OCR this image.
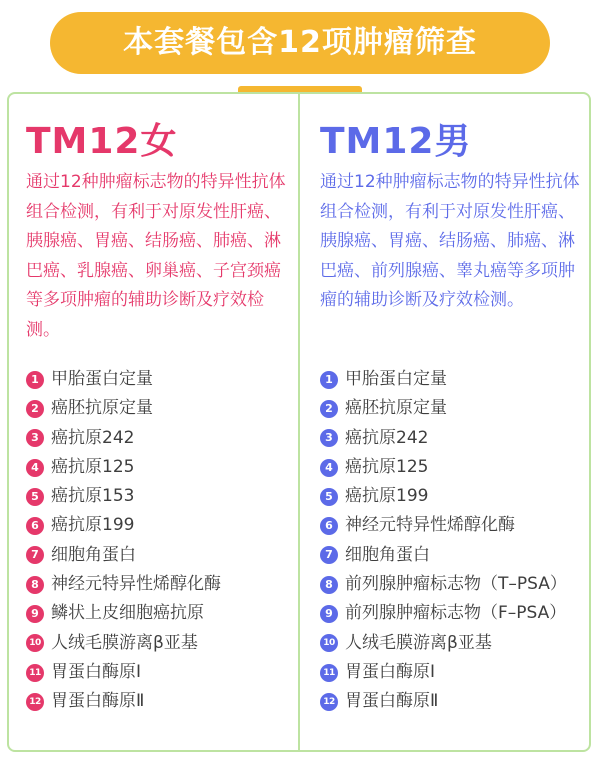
本套餐包含12项肿瘤筛查
TM12女

通过12种肿瘤标志物的特异性抗体组合检测，有利于对原发性肝癌、胰腺癌、胃癌、结肠癌、肺癌、淋巴癌、乳腺癌、卵巢癌、子宫颈癌等多项肿瘤的辅助诊断及疗效检测。

1 甲胎蛋白定量
2 癌胚抗原定量
3 癌抗原242
4 癌抗原125
5 癌抗原153
6 癌抗原199
7 细胞角蛋白
8 神经元特异性烯醇化酶
9 鳞状上皮细胞癌抗原
10 人绒毛膜游离β亚基
11 胃蛋白酶原Ⅰ
12 胃蛋白酶原Ⅱ
TM12男

通过12种肿瘤标志物的特异性抗体组合检测，有利于对原发性肝癌、胰腺癌、胃癌、结肠癌、肺癌、淋巴癌、前列腺癌、睾丸癌等多项肿瘤的辅助诊断及疗效检测。

1 甲胎蛋白定量
2 癌胚抗原定量
3 癌抗原242
4 癌抗原125
5 癌抗原199
6 神经元特异性烯醇化酶
7 细胞角蛋白
8 前列腺肿瘤标志物（T–PSA）
9 前列腺肿瘤标志物（F–PSA）
10 人绒毛膜游离β亚基
11 胃蛋白酶原Ⅰ
12 胃蛋白酶原Ⅱ
